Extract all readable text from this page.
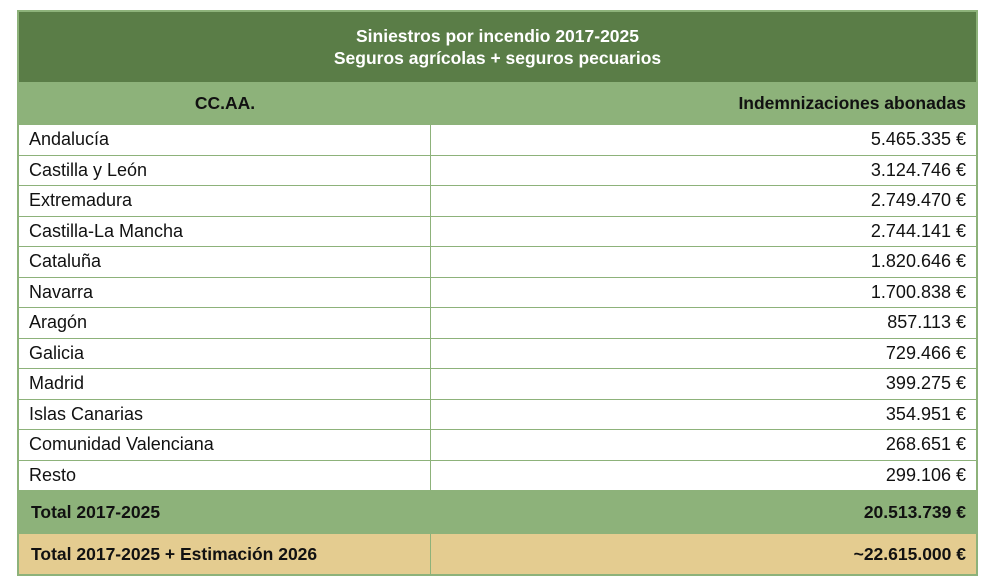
Siniestros por incendio 2017-2025
Seguros agrícolas + seguros pecuarios
CC.AA.	Indemnizaciones abonadas
Andalucía	5.465.335 €
Castilla y León	3.124.746 €
Extremadura	2.749.470 €
Castilla-La Mancha	2.744.141 €
Cataluña	1.820.646 €
Navarra	1.700.838 €
Aragón	857.113 €
Galicia	729.466 €
Madrid	399.275 €
Islas Canarias	354.951 €
Comunidad Valenciana	268.651 €
Resto	299.106 €
Total 2017-2025	20.513.739 €
Total 2017-2025 + Estimación 2026	~22.615.000 €
